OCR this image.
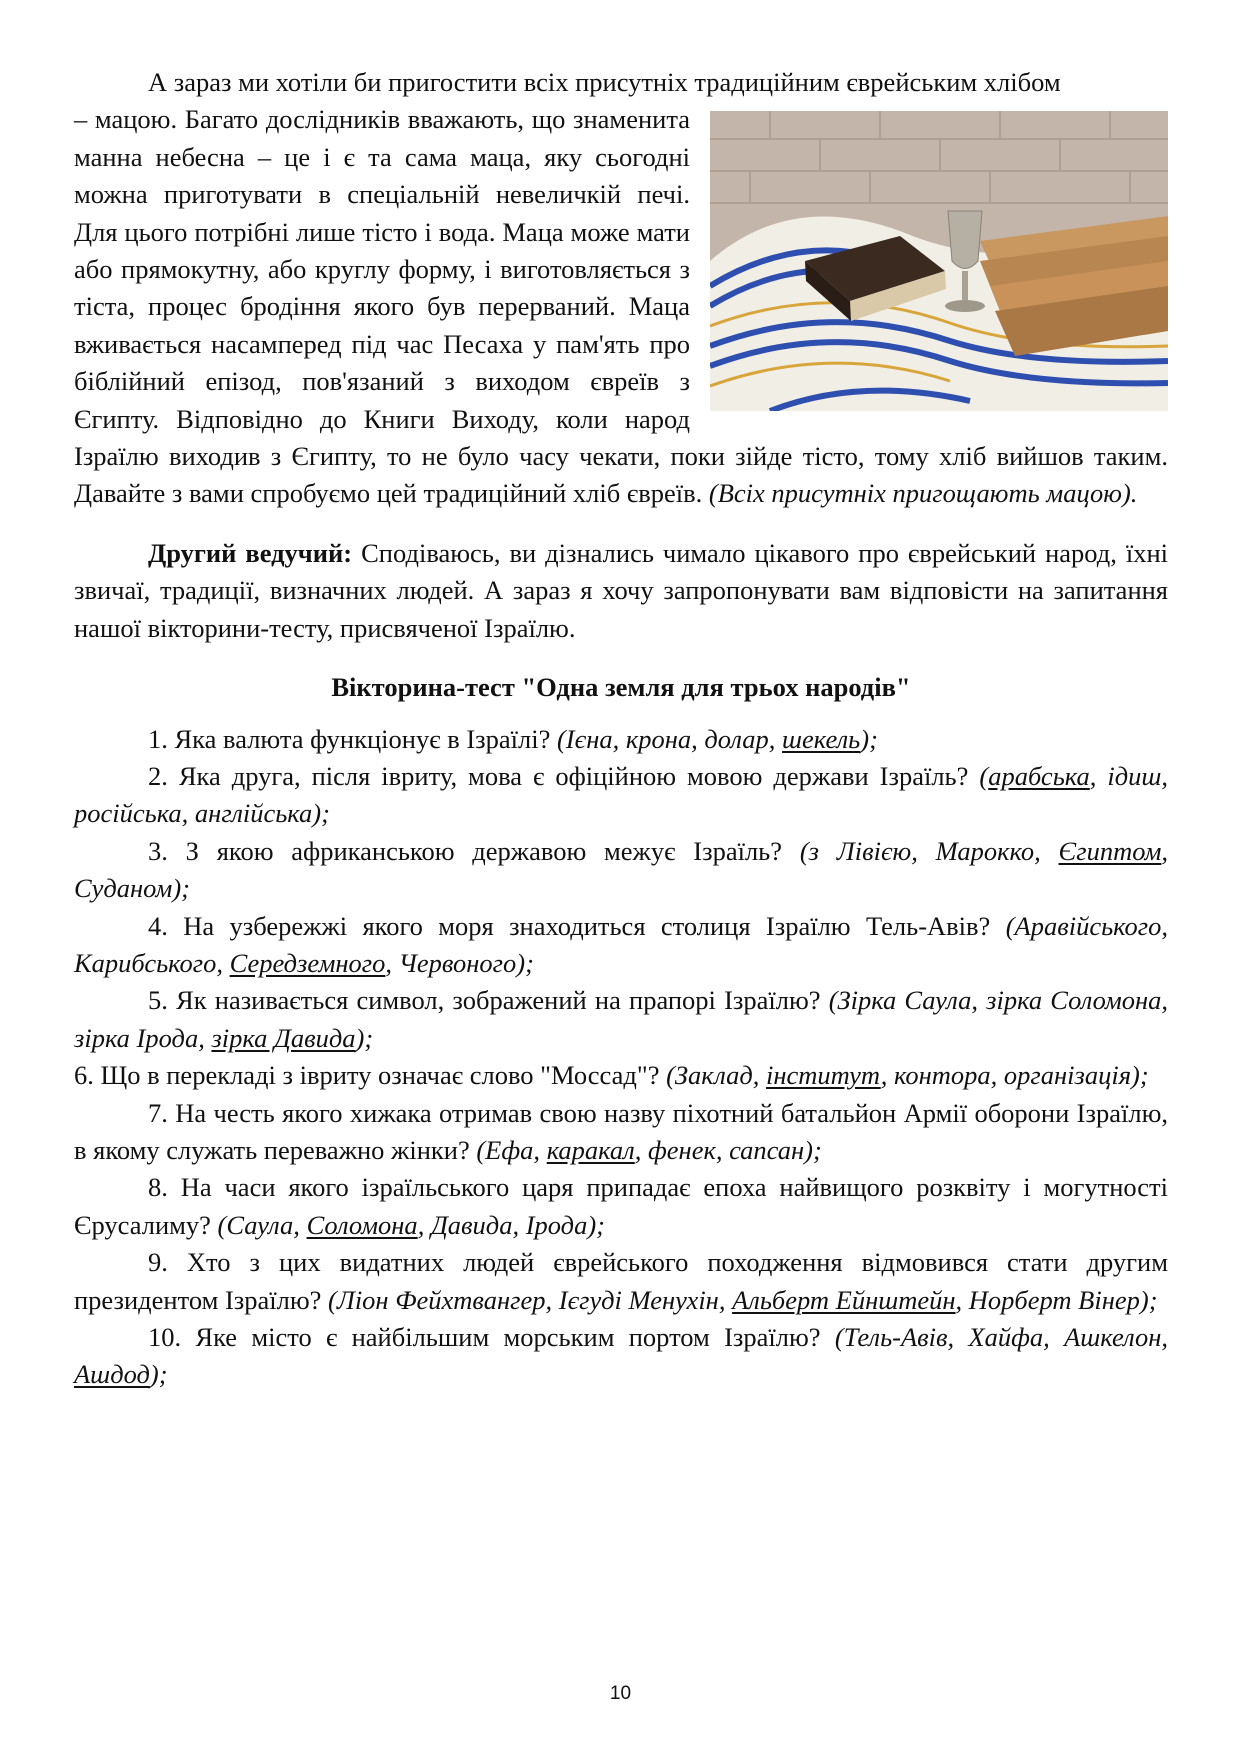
А зараз ми хотіли би пригостити всіх присутніх традиційним єврейським хлібом

– мацою. Багато дослідників вважають, що знаменита манна небесна – це і є та сама маца, яку сьогодні можна приготувати в спеціальній невеличкій печі. Для цього потрібні лише тісто і вода. Маца може мати або прямокутну, або круглу форму, і виготовляється з тіста, процес бродіння якого був перерваний. Маца вживається насамперед під час Песаха у пам'ять про біблійний епізод, пов'язаний з виходом євреїв з Єгипту. Відповідно до Книги Виходу, коли народ Ізраїлю виходив з Єгипту, то не було часу чекати, поки зійде тісто, тому хліб вийшов таким. Давайте з вами спробуємо цей традиційний хліб євреїв. (Всіх присутніх пригощають мацою).

Другий ведучий: Сподіваюсь, ви дізнались чимало цікавого про єврейський народ, їхні звичаї, традиції, визначних людей. А зараз я хочу запропонувати вам відповісти на запитання нашої вікторини-тесту, присвяченої Ізраїлю.

Вікторина-тест "Одна земля для трьох народів"

1. Яка валюта функціонує в Ізраїлі? (Ієна, крона, долар, шекель);

2. Яка друга, після івриту, мова є офіційною мовою держави Ізраїль? (арабська, ідиш, російська, англійська);

3. З якою африканською державою межує Ізраїль? (з Лівією, Марокко, Єгиптом, Суданом);

4. На узбережжі якого моря знаходиться столиця Ізраїлю Тель-Авів? (Аравійського, Карибського, Середземного, Червоного);

5. Як називається символ, зображений на прапорі Ізраїлю? (Зірка Саула, зірка Соломона, зірка Ірода, зірка Давида);

6. Що в перекладі з івриту означає слово "Моссад"? (Заклад, інститут, контора, організація);

7. На честь якого хижака отримав свою назву піхотний батальйон Армії оборони Ізраїлю, в якому служать переважно жінки? (Ефа, каракал, фенек, сапсан);

8. На часи якого ізраїльського царя припадає епоха найвищого розквіту і могутності Єрусалиму? (Саула, Соломона, Давида, Ірода);

9. Хто з цих видатних людей єврейського походження відмовився стати другим президентом Ізраїлю? (Ліон Фейхтвангер, Ієгуді Менухін, Альберт Ейнштейн, Норберт Вінер);

10. Яке місто є найбільшим морським портом Ізраїлю? (Тель-Авів, Хайфа, Ашкелон, Ашдод);

10
